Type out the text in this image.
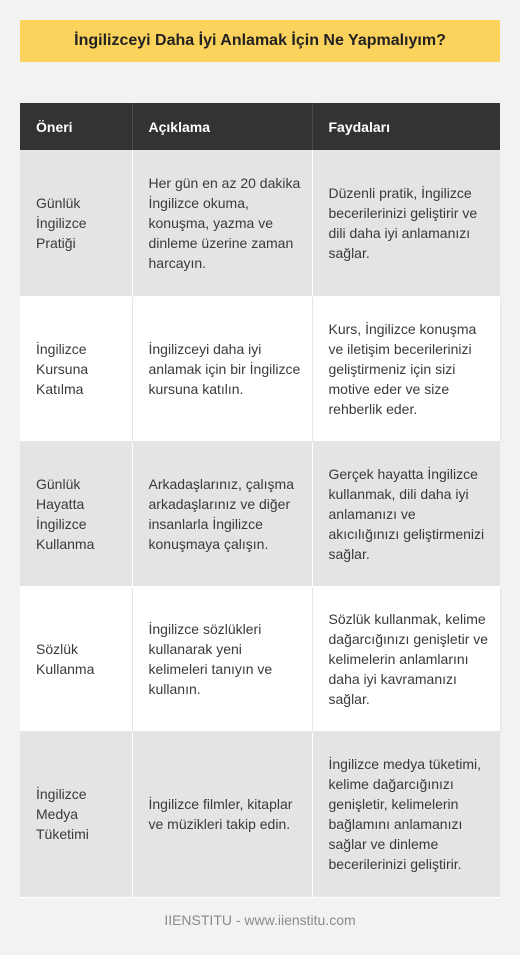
İngilizceyi Daha İyi Anlamak İçin Ne Yapmalıyım?
Öneri	Açıklama	Faydaları
Günlük İngilizce Pratiği	Her gün en az 20 dakika İngilizce okuma, konuşma, yazma ve dinleme üzerine zaman harcayın.	Düzenli pratik, İngilizce becerilerinizi geliştirir ve dili daha iyi anlamanızı sağlar.
İngilizce Kursuna Katılma	İngilizceyi daha iyi anlamak için bir İngilizce kursuna katılın.	Kurs, İngilizce konuşma ve iletişim becerilerinizi geliştirmeniz için sizi motive eder ve size rehberlik eder.
Günlük Hayatta İngilizce Kullanma	Arkadaşlarınız, çalışma arkadaşlarınız ve diğer insanlarla İngilizce konuşmaya çalışın.	Gerçek hayatta İngilizce kullanmak, dili daha iyi anlamanızı ve akıcılığınızı geliştirmenizi sağlar.
Sözlük Kullanma	İngilizce sözlükleri kullanarak yeni kelimeleri tanıyın ve kullanın.	Sözlük kullanmak, kelime dağarcığınızı genişletir ve kelimelerin anlamlarını daha iyi kavramanızı sağlar.
İngilizce Medya Tüketimi	İngilizce filmler, kitaplar ve müzikleri takip edin.	İngilizce medya tüketimi, kelime dağarcığınızı genişletir, kelimelerin bağlamını anlamanızı sağlar ve dinleme becerilerinizi geliştirir.
IIENSTITU - www.iienstitu.com
